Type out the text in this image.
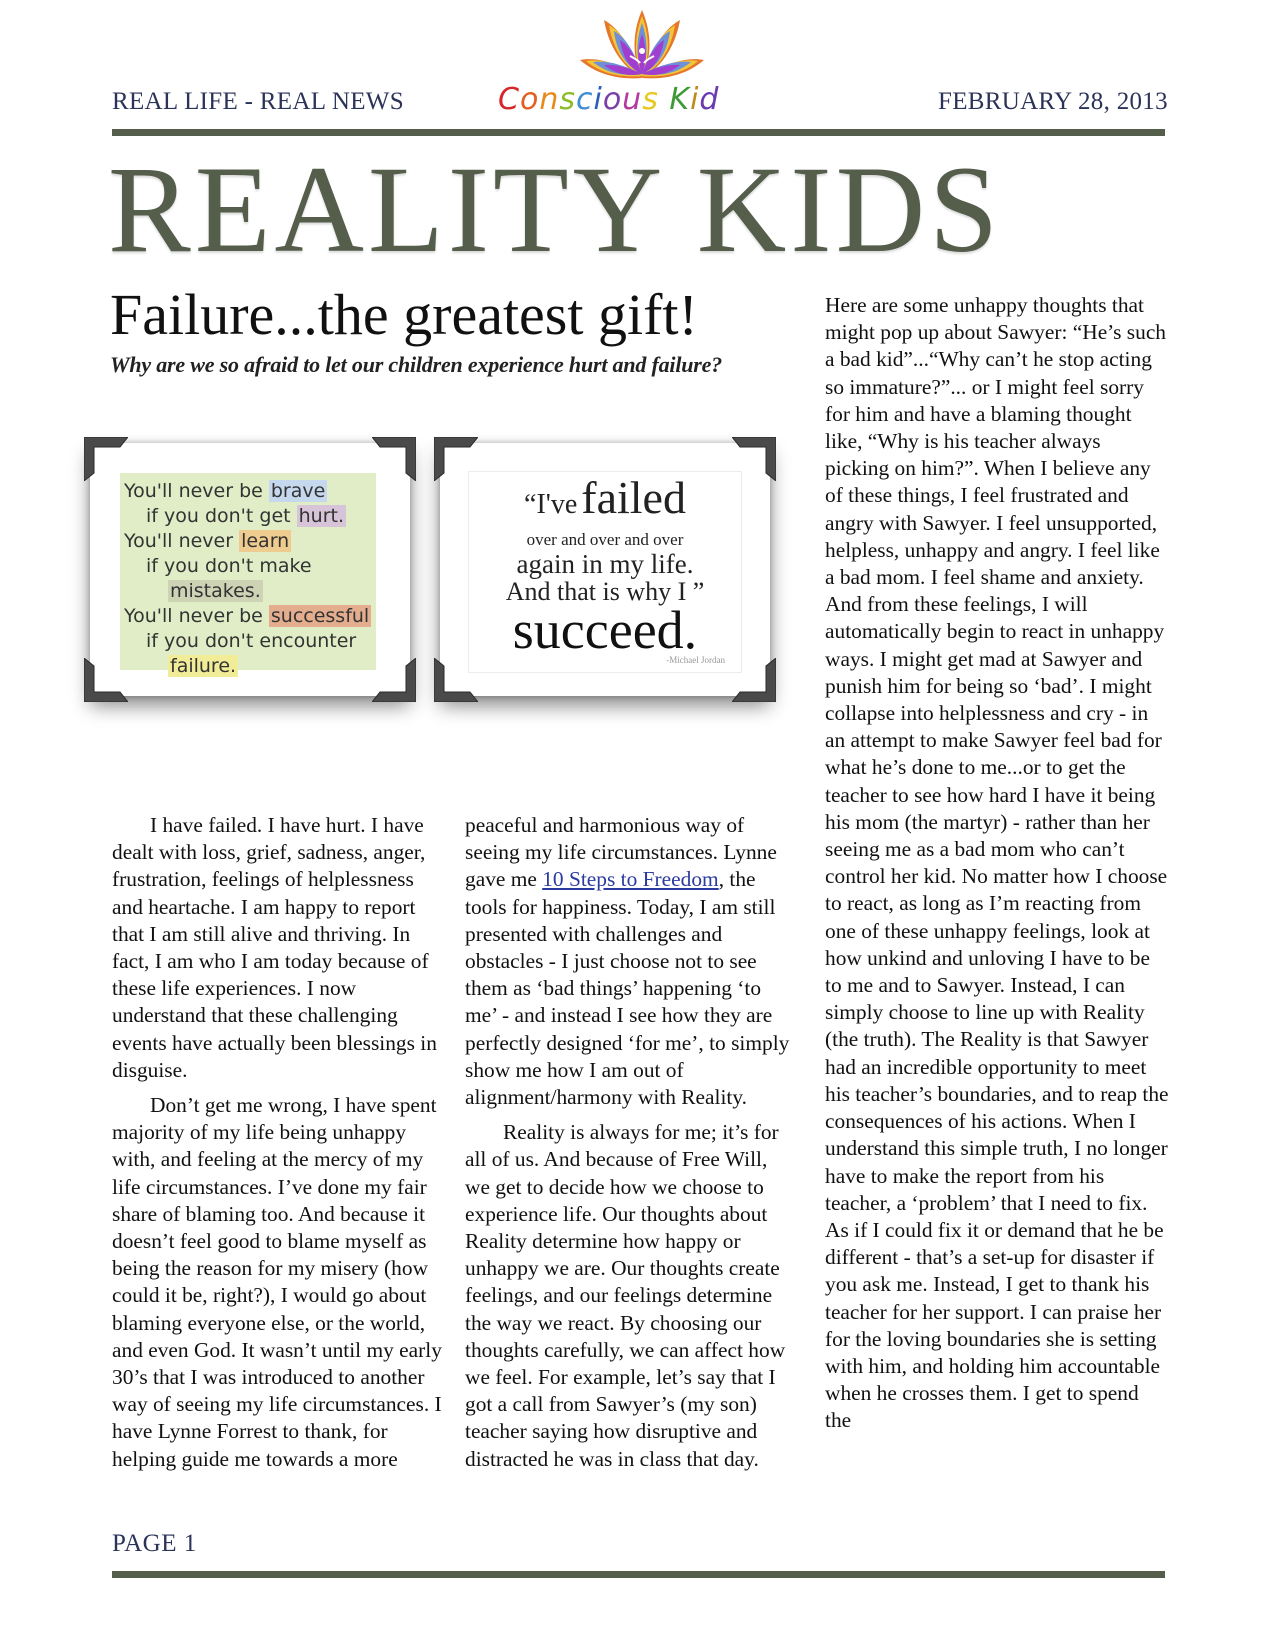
REAL LIFE - REAL NEWS	Conscious Kid	FEBRUARY 28, 2013
REALITY KIDS
Failure...the greatest gift!
Why are we so afraid to let our children experience hurt and failure?
You'll never be brave
if you don't get hurt.
You'll never learn
if you don't make
mistakes.
You'll never be successful
if you don't encounter
failure.
“I've failed
over and over and over
again in my life.
And that is why I ”
succeed.
-Michael Jordan

I have failed. I have hurt. I have dealt with loss, grief, sadness, anger, frustration, feelings of helplessness and heartache. I am happy to report that I am still alive and thriving. In fact, I am who I am today because of these life experiences. I now understand that these challenging events have actually been blessings in disguise.

Don’t get me wrong, I have spent majority of my life being unhappy with, and feeling at the mercy of my life circumstances. I’ve done my fair share of blaming too. And because it doesn’t feel good to blame myself as being the reason for my misery (how could it be, right?), I would go about blaming everyone else, or the world, and even God. It wasn’t until my early 30’s that I was introduced to another way of seeing my life circumstances. I have Lynne Forrest to thank, for helping guide me towards a more

peaceful and harmonious way of seeing my life circumstances. Lynne gave me 10 Steps to Freedom, the tools for happiness. Today, I am still presented with challenges and obstacles - I just choose not to see them as ‘bad things’ happening ‘to me’ - and instead I see how they are perfectly designed ‘for me’, to simply show me how I am out of alignment/harmony with Reality.

Reality is always for me; it’s for all of us. And because of Free Will, we get to decide how we choose to experience life. Our thoughts about Reality determine how happy or unhappy we are. Our thoughts create feelings, and our feelings determine the way we react. By choosing our thoughts carefully, we can affect how we feel. For example, let’s say that I got a call from Sawyer’s (my son) teacher saying how disruptive and distracted he was in class that day.

Here are some unhappy thoughts that might pop up about Sawyer: “He’s such a bad kid”...“Why can’t he stop acting so immature?”... or I might feel sorry for him and have a blaming thought like, “Why is his teacher always picking on him?”. When I believe any of these things, I feel frustrated and angry with Sawyer. I feel unsupported, helpless, unhappy and angry. I feel like a bad mom. I feel shame and anxiety. And from these feelings, I will automatically begin to react in unhappy ways. I might get mad at Sawyer and punish him for being so ‘bad’. I might collapse into helplessness and cry - in an attempt to make Sawyer feel bad for what he’s done to me...or to get the teacher to see how hard I have it being his mom (the martyr) - rather than her seeing me as a bad mom who can’t control her kid. No matter how I choose to react, as long as I’m reacting from one of these unhappy feelings, look at how unkind and unloving I have to be to me and to Sawyer. Instead, I can simply choose to line up with Reality (the truth). The Reality is that Sawyer had an incredible opportunity to meet his teacher’s boundaries, and to reap the consequences of his actions. When I understand this simple truth, I no longer have to make the report from his teacher, a ‘problem’ that I need to fix. As if I could fix it or demand that he be different - that’s a set-up for disaster if you ask me. Instead, I get to thank his teacher for her support. I can praise her for the loving boundaries she is setting with him, and holding him accountable when he crosses them. I get to spend the

PAGE 1
